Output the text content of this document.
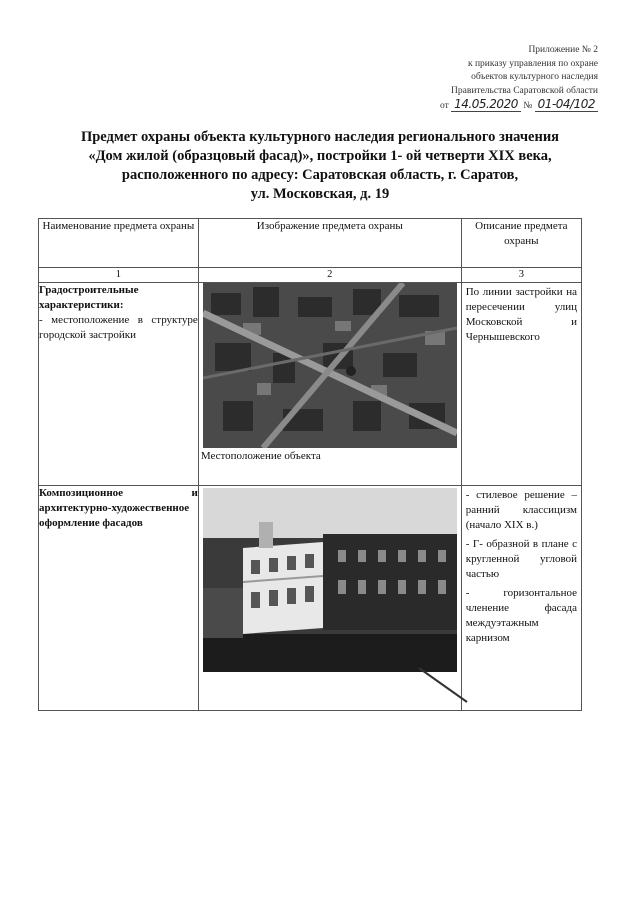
Приложение № 2
к приказу управления по охране
объектов культурного наследия
Правительства Саратовской области
от 14.05.2020 № 01-04/102
Предмет охраны объекта культурного наследия регионального значения
«Дом жилой (образцовый фасад)», постройки 1- ой четверти XIX века,
расположенного по адресу: Саратовская область, г. Саратов,
ул. Московская, д. 19
Наименование предмета охраны	Изображение предмета охраны	Описание предмета охраны
1	2	3

Градостроительные характеристики:
- местоположение в структуре городской застройки	Местоположение объекта	По линии застройки на пересечении улиц Московской и Чернышевского

Композиционное и архитектурно-художественное оформление фасадов		- стилевое решение – ранний классицизм (начало XIX в.)
- Г- образной в плане с кругленной угловой частью
- горизонтальное членение фасада междуэтажным карнизом
